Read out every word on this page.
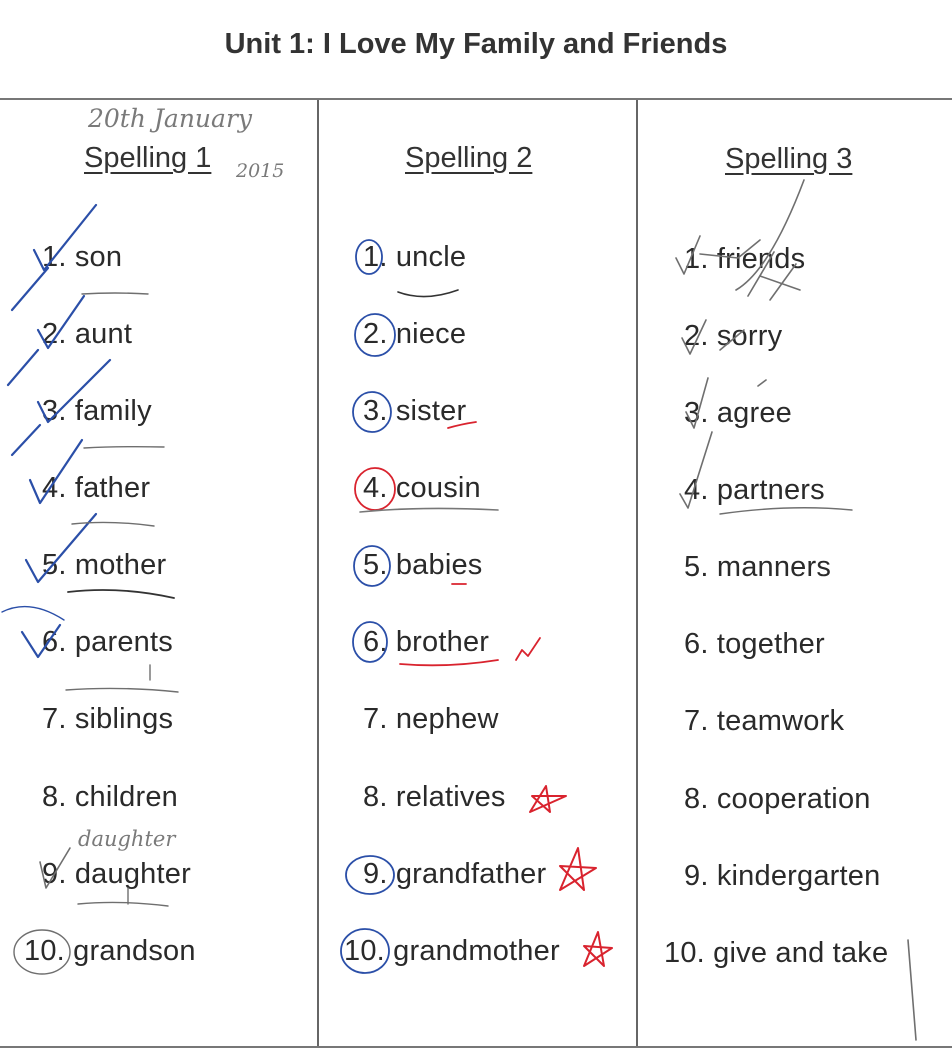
Unit 1: I Love My Family and Friends
20th January
2015
daughter
Spelling 1
1. son
2. aunt
3. family
4. father
5. mother
6. parents
7. siblings
8. children
9. daughter
10. grandson
Spelling 2
1. uncle
2. niece
3. sister
4. cousin
5. babies
6. brother
7. nephew
8. relatives
9. grandfather
10. grandmother
Spelling 3
1. friends
2. sorry
3. agree
4. partners
5. manners
6. together
7. teamwork
8. cooperation
9. kindergarten
10. give and take
